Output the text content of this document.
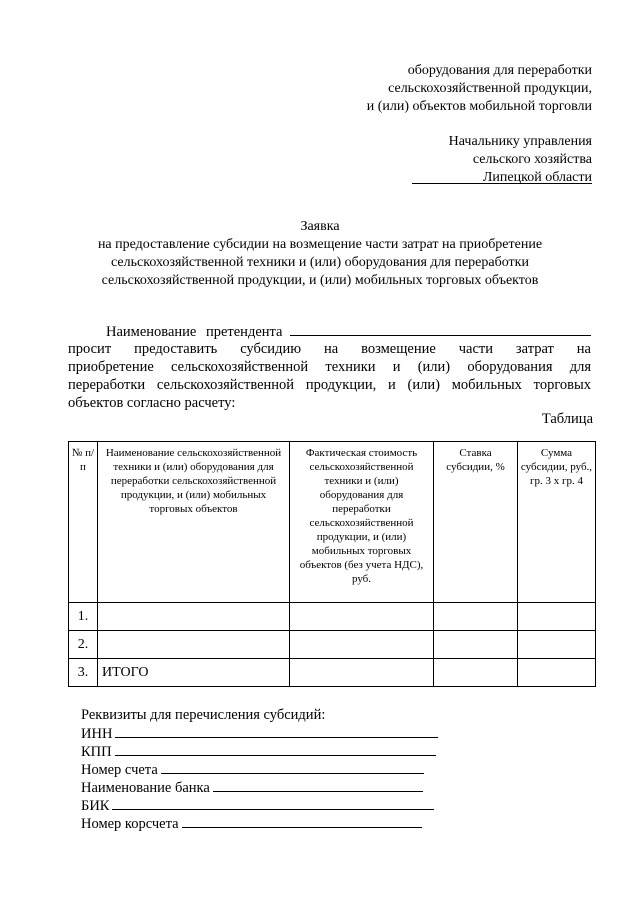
оборудования для переработки
сельскохозяйственной продукции,
и (или) объектов мобильной торговли
Начальнику управления
сельского хозяйства
Липецкой области
Заявка
на предоставление субсидии на возмещение части затрат на приобретение сельскохозяйственной техники и (или) оборудования для переработки сельскохозяйственной продукции, и (или) мобильных торговых объектов
Наименование претендента
просит предоставить субсидию на возмещение части затрат на
приобретение сельскохозяйственной техники и (или) оборудования для
переработки сельскохозяйственной продукции, и (или) мобильных торговых
объектов согласно расчету:
Таблица
№ п/п	Наименование сельскохозяйственной техники и (или) оборудования для переработки сельскохозяйственной продукции, и (или) мобильных торговых объектов	Фактическая стоимость сельскохозяйственной техники и (или) оборудования для переработки сельскохозяйственной продукции, и (или) мобильных торговых объектов (без учета НДС), руб.	Ставка субсидии, %	Сумма субсидии, руб., гр. 3 x гр. 4
1.				
2.				
3.	ИТОГО			
Реквизиты для перечисления субсидий:
ИНН
КПП
Номер счета
Наименование банка
БИК
Номер корсчета
